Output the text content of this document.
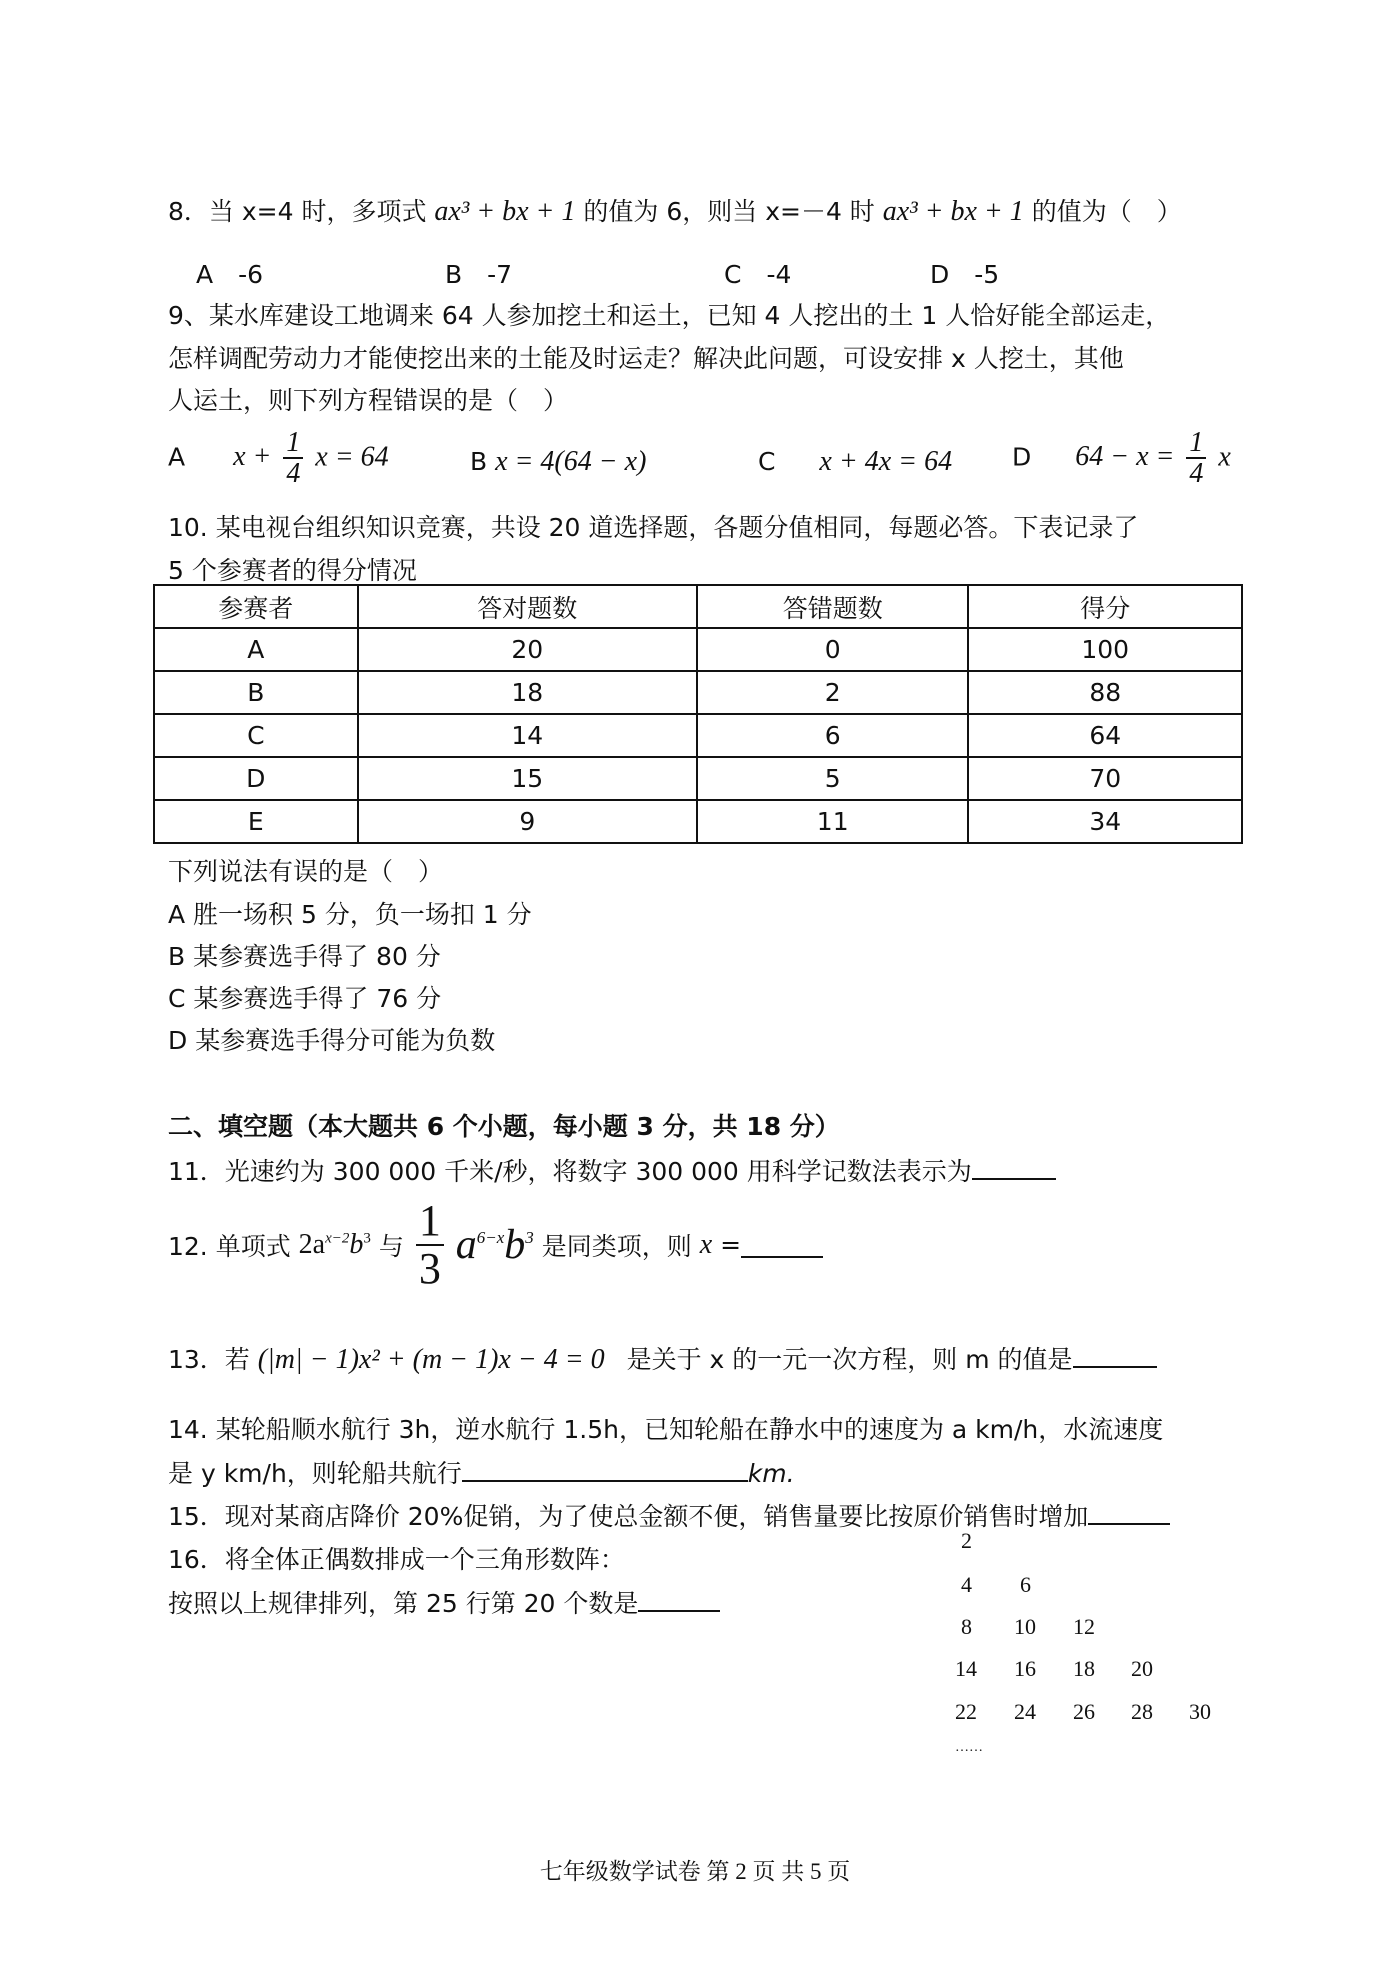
8．当 x=4 时，多项式 ax³ + bx + 1 的值为 6，则当 x=－4 时 ax³ + bx + 1 的值为（　）
A　-6	B　-7	C　-4	D　-5
9、某水库建设工地调来 64 人参加挖土和运土，已知 4 人挖出的土 1 人恰好能全部运走，
怎样调配劳动力才能使挖出来的土能及时运走？解决此问题，可设安排 x 人挖土，其他
人运土，则下列方程错误的是（　）
A $x + \frac{1}{4}$ x = 64	B x = 4(64 − x)	C x + 4x = 64 D $64 - x = \frac{1}{4}$ x
10. 某电视台组织知识竞赛，共设 20 道选择题，各题分值相同，每题必答。下表记录了
5 个参赛者的得分情况
参赛者	答对题数	答错题数	得分
A	20	0	100
B	18	2	88
C	14	6	64
D	15	5	70
E	9	11	34
下列说法有误的是（　）
A 胜一场积 5 分，负一场扣 1 分
B 某参赛选手得了 80 分
C 某参赛选手得了 76 分
D 某参赛选手得分可能为负数
二、填空题（本大题共 6 个小题，每小题 3 分，共 18 分）
11．光速约为 300 000 千米/秒，将数字 300 000 用科学记数法表示为
12. 单项式 $2a^{x-2}b^3$ 与 $\frac{1}{3} a^{6-x}b^3$ 是同类项，则 x =
13．若 (|m| − 1)x² + (m − 1)x − 4 = 0 是关于 x 的一元一次方程，则 m 的值是
14. 某轮船顺水航行 3h，逆水航行 1.5h，已知轮船在静水中的速度为 a km/h，水流速度
是 y km/h，则轮船共航行	km.
15．现对某商店降价 20%促销，为了使总金额不便，销售量要比按原价销售时增加
16．将全体正偶数排成一个三角形数阵：
按照以上规律排列，第 25 行第 20 个数是
2
4 6
8 10 12
14 16 18 20
22 24 26 28 30
……
七年级数学试卷 第 2 页 共 5 页
